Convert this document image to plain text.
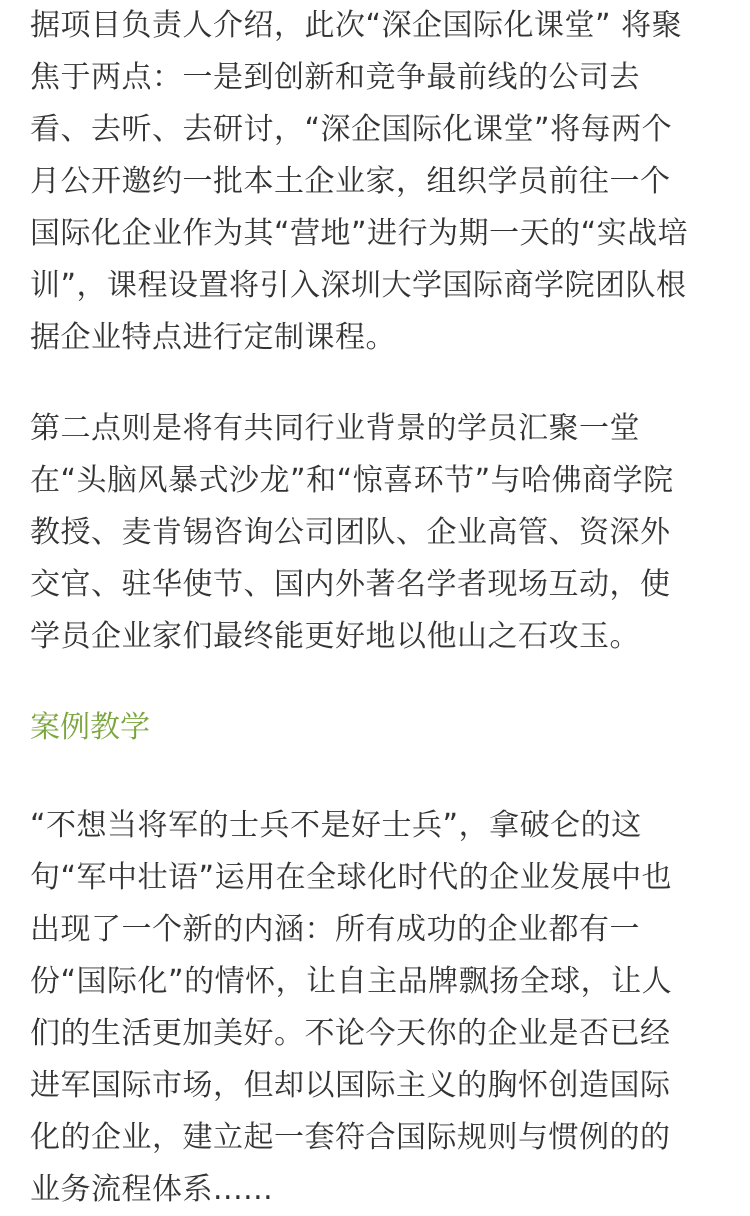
据项目负责人介绍，此次“深企国际化课堂” 将聚
焦于两点：一是到创新和竞争最前线的公司去
看、去听、去研讨，“深企国际化课堂”将每两个
月公开邀约一批本土企业家，组织学员前往一个
国际化企业作为其“营地”进行为期一天的“实战培
训”，课程设置将引入深圳大学国际商学院团队根
据企业特点进行定制课程。
第二点则是将有共同行业背景的学员汇聚一堂
在“头脑风暴式沙龙”和“惊喜环节”与哈佛商学院
教授、麦肯锡咨询公司团队、企业高管、资深外
交官、驻华使节、国内外著名学者现场互动，使
学员企业家们最终能更好地以他山之石攻玉。
案例教学
“不想当将军的士兵不是好士兵”，拿破仑的这
句“军中壮语”运用在全球化时代的企业发展中也
出现了一个新的内涵：所有成功的企业都有一
份“国际化”的情怀，让自主品牌飘扬全球，让人
们的生活更加美好。不论今天你的企业是否已经
进军国际市场，但却以国际主义的胸怀创造国际
化的企业，建立起一套符合国际规则与惯例的的
业务流程体系......
